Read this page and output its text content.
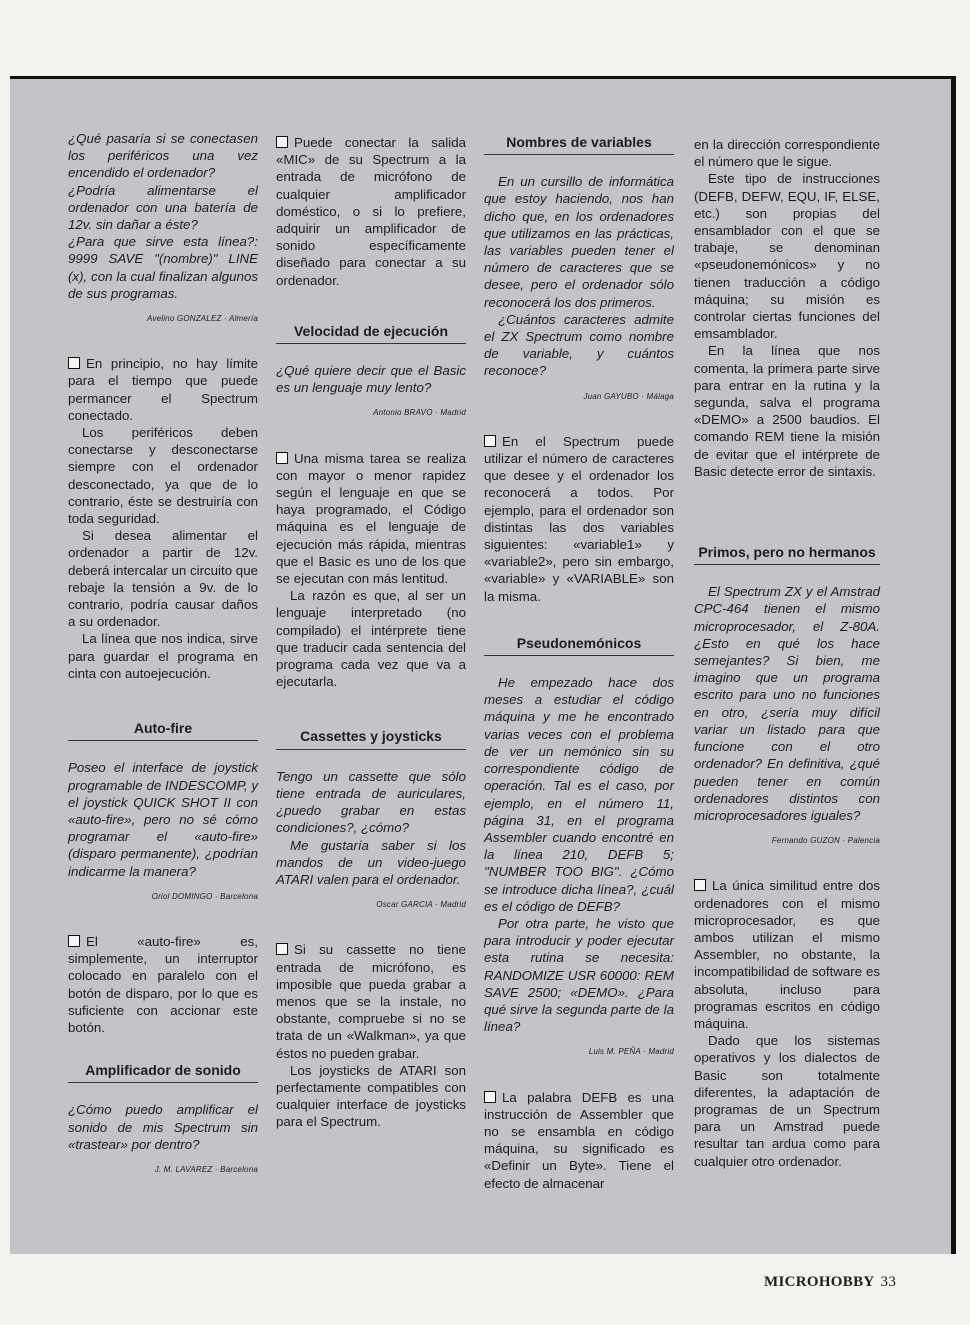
¿Qué pasaría si se conectasen los periféricos una vez encendido el ordenador?

¿Podría alimentarse el ordenador con una batería de 12v. sin dañar a éste?

¿Para que sirve esta línea?: 9999 SAVE "(nombre)" LINE (x), con la cual finalizan algunos de sus programas.

Avelino GONZALEZ · Almería

En principio, no hay límite para el tiempo que puede permancer el Spectrum conectado.

Los periféricos deben conectarse y desconectarse siempre con el ordenador desconectado, ya que de lo contrario, éste se destruiría con toda seguridad.

Si desea alimentar el ordenador a partir de 12v. deberá intercalar un circuito que rebaje la tensión a 9v. de lo contrario, podría causar daños a su ordenador.

La línea que nos indica, sirve para guardar el programa en cinta con autoejecución.

Auto-fire

Poseo el interface de joystick programable de INDESCOMP, y el joystick QUICK SHOT II con «auto-fire», pero no sé cómo programar el «auto-fire» (disparo permanente), ¿podrían indicarme la manera?

Oriol DOMINGO · Barcelona

El «auto-fire» es, simplemente, un interruptor colocado en paralelo con el botón de disparo, por lo que es suficiente con accionar este botón.

Amplificador de sonido

¿Cómo puedo amplificar el sonido de mis Spectrum sin «trastear» por dentro?

J. M. LAVAREZ · Barcelona

Puede conectar la salida «MIC» de su Spectrum a la entrada de micrófono de cualquier amplificador doméstico, o si lo prefiere, adquirir un amplificador de sonido específicamente diseñado para conectar a su ordenador.

Velocidad de ejecución

¿Qué quiere decir que el Basic es un lenguaje muy lento?

Antonio BRAVO · Madrid

Una misma tarea se realiza con mayor o menor rapidez según el lenguaje en que se haya programado, el Código máquina es el lenguaje de ejecución más rápida, mientras que el Basic es uno de los que se ejecutan con más lentitud.

La razón es que, al ser un lenguaje interpretado (no compilado) el intérprete tiene que traducir cada sentencia del programa cada vez que va a ejecutarla.

Cassettes y joysticks

Tengo un cassette que sólo tiene entrada de auriculares, ¿puedo grabar en estas condiciones?, ¿cómo?

Me gustaría saber si los mandos de un video-juego ATARI valen para el ordenador.

Oscar GARCIA · Madrid

Si su cassette no tiene entrada de micrófono, es imposible que pueda grabar a menos que se la instale, no obstante, compruebe si no se trata de un «Walkman», ya que éstos no pueden grabar.

Los joysticks de ATARI son perfectamente compatibles con cualquier interface de joysticks para el Spectrum.

Nombres de variables

En un cursillo de informática que estoy haciendo, nos han dicho que, en los ordenadores que utilizamos en las prácticas, las variables pueden tener el número de caracteres que se desee, pero el ordenador sólo reconocerá los dos primeros.

¿Cuántos caracteres admite el ZX Spectrum como nombre de variable, y cuántos reconoce?

Juan GAYUBO · Málaga

En el Spectrum puede utilizar el número de caracteres que desee y el ordenador los reconocerá a todos. Por ejemplo, para el ordenador son distintas las dos variables siguientes: «variable1» y «variable2», pero sin embargo, «variable» y «VARIABLE» son la misma.

Pseudonemónicos

He empezado hace dos meses a estudiar el código máquina y me he encontrado varias veces con el problema de ver un nemónico sin su correspondiente código de operación. Tal es el caso, por ejemplo, en el número 11, página 31, en el programa Assembler cuando encontré en la línea 210, DEFB 5; "NUMBER TOO BIG". ¿Cómo se introduce dicha línea?, ¿cuál es el código de DEFB?

Por otra parte, he visto que para introducir y poder ejecutar esta rutina se necesita: RANDOMIZE USR 60000: REM SAVE 2500; «DEMO». ¿Para qué sirve la segunda parte de la línea?

Luis M. PEÑA · Madrid

La palabra DEFB es una instrucción de Assembler que no se ensambla en código máquina, su significado es «Definir un Byte». Tiene el efecto de almacenar

en la dirección correspondiente el número que le sigue.

Este tipo de instrucciones (DEFB, DEFW, EQU, IF, ELSE, etc.) son propias del ensamblador con el que se trabaje, se denominan «pseudonemónicos» y no tienen traducción a código máquina; su misión es controlar ciertas funciones del emsamblador.

En la línea que nos comenta, la primera parte sirve para entrar en la rutina y la segunda, salva el programa «DEMO» a 2500 baudios. El comando REM tiene la misión de evitar que el intérprete de Basic detecte error de sintaxis.

Primos, pero no hermanos

El Spectrum ZX y el Amstrad CPC-464 tienen el mismo microprocesador, el Z-80A. ¿Esto en qué los hace semejantes? Si bien, me imagino que un programa escrito para uno no funciones en otro, ¿sería muy difícil variar un listado para que funcione con el otro ordenador? En definitiva, ¿qué pueden tener en común ordenadores distintos con microprocesadores iguales?

Fernando GUZON · Palencia

La única similitud entre dos ordenadores con el mismo microprocesador, es que ambos utilizan el mismo Assembler, no obstante, la incompatibilidad de software es absoluta, incluso para programas escritos en código máquina.

Dado que los sistemas operativos y los dialectos de Basic son totalmente diferentes, la adaptación de programas de un Spectrum para un Amstrad puede resultar tan ardua como para cualquier otro ordenador.

MICROHOBBY 33
